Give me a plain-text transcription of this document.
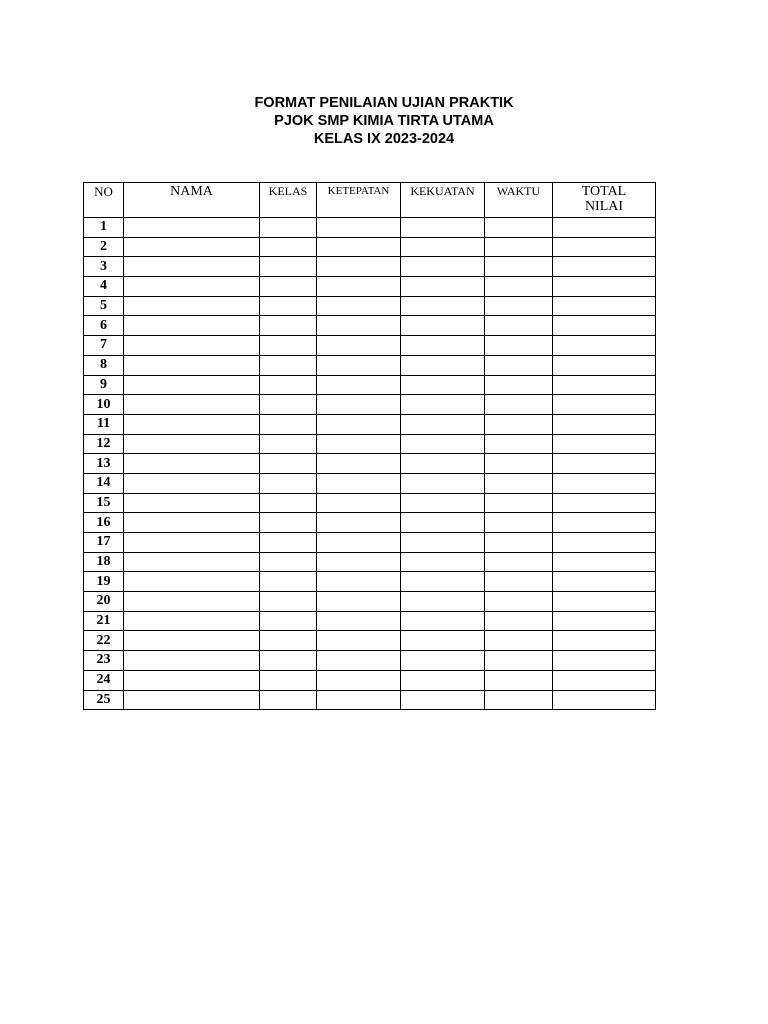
FORMAT PENILAIAN UJIAN PRAKTIK
PJOK SMP KIMIA TIRTA UTAMA
KELAS IX 2023-2024
NO	NAMA	KELAS	KETEPATAN	KEKUATAN	WAKTU	TOTAL
NILAI

1						
2						
3						
4						
5						
6						
7						
8						
9						
10						
11						
12						
13						
14						
15						
16						
17						
18						
19						
20						
21						
22						
23						
24						
25						
